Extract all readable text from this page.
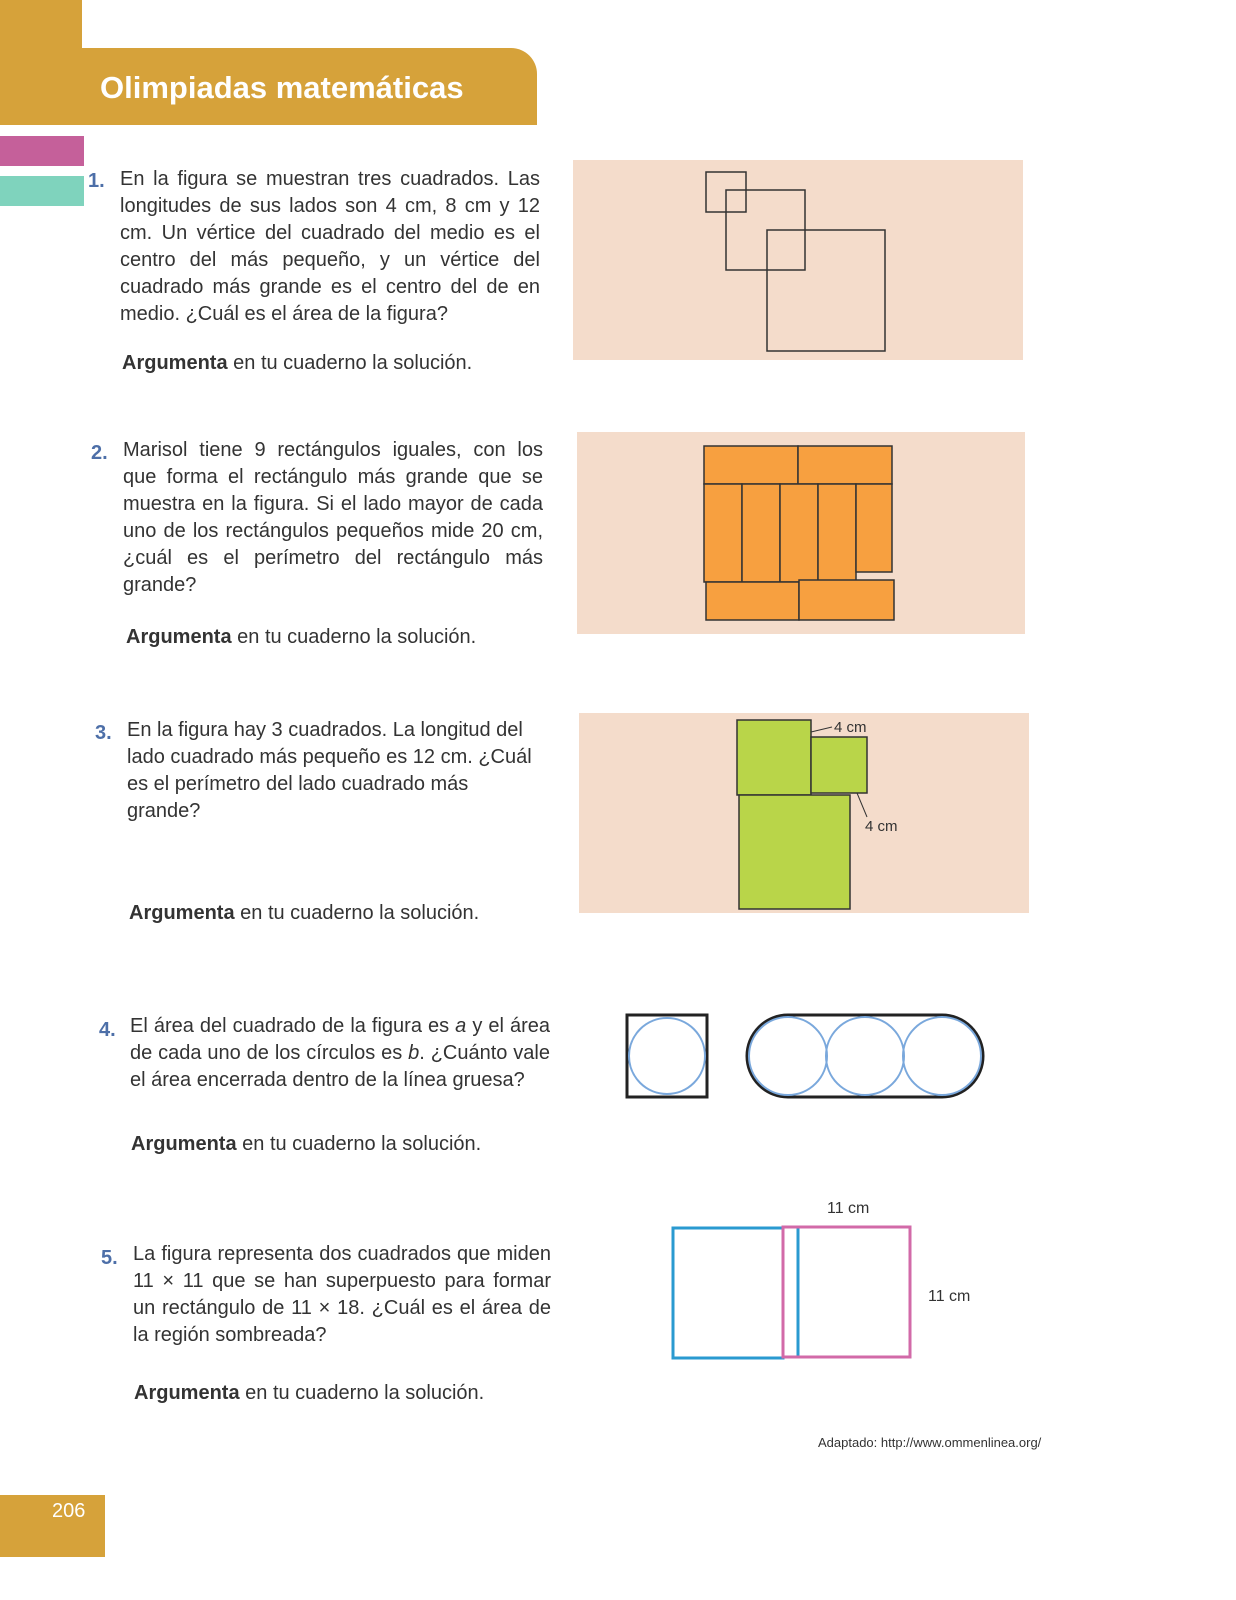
Olimpiadas matemáticas
1. En la figura se muestran tres cuadrados. Las longitudes de sus lados son 4 cm, 8 cm y 12 cm. Un vértice del cuadrado del medio es el centro del más pequeño, y un vértice del cuadrado más grande es el centro del de en medio. ¿Cuál es el área de la figura?
Argumenta en tu cuaderno la solución.
2. Marisol tiene 9 rectángulos iguales, con los que forma el rectángulo más grande que se muestra en la figura. Si el lado mayor de cada uno de los rectángulos pequeños mide 20 cm, ¿cuál es el perímetro del rectángulo más grande?
Argumenta en tu cuaderno la solución.
3. En la figura hay 3 cuadrados. La longitud del lado cuadrado más pequeño es 12 cm. ¿Cuál es el perímetro del lado cuadrado más grande?
Argumenta en tu cuaderno la solución.
4 cm
4 cm
4. El área del cuadrado de la figura es a y el área de cada uno de los círculos es b. ¿Cuánto vale el área encerrada dentro de la línea gruesa?
Argumenta en tu cuaderno la solución.
5. La figura representa dos cuadrados que miden 11 × 11 que se han superpuesto para formar un rectángulo de 11 × 18. ¿Cuál es el área de la región sombreada?
Argumenta en tu cuaderno la solución.
11 cm
11 cm
Adaptado: http://www.ommenlinea.org/
206
